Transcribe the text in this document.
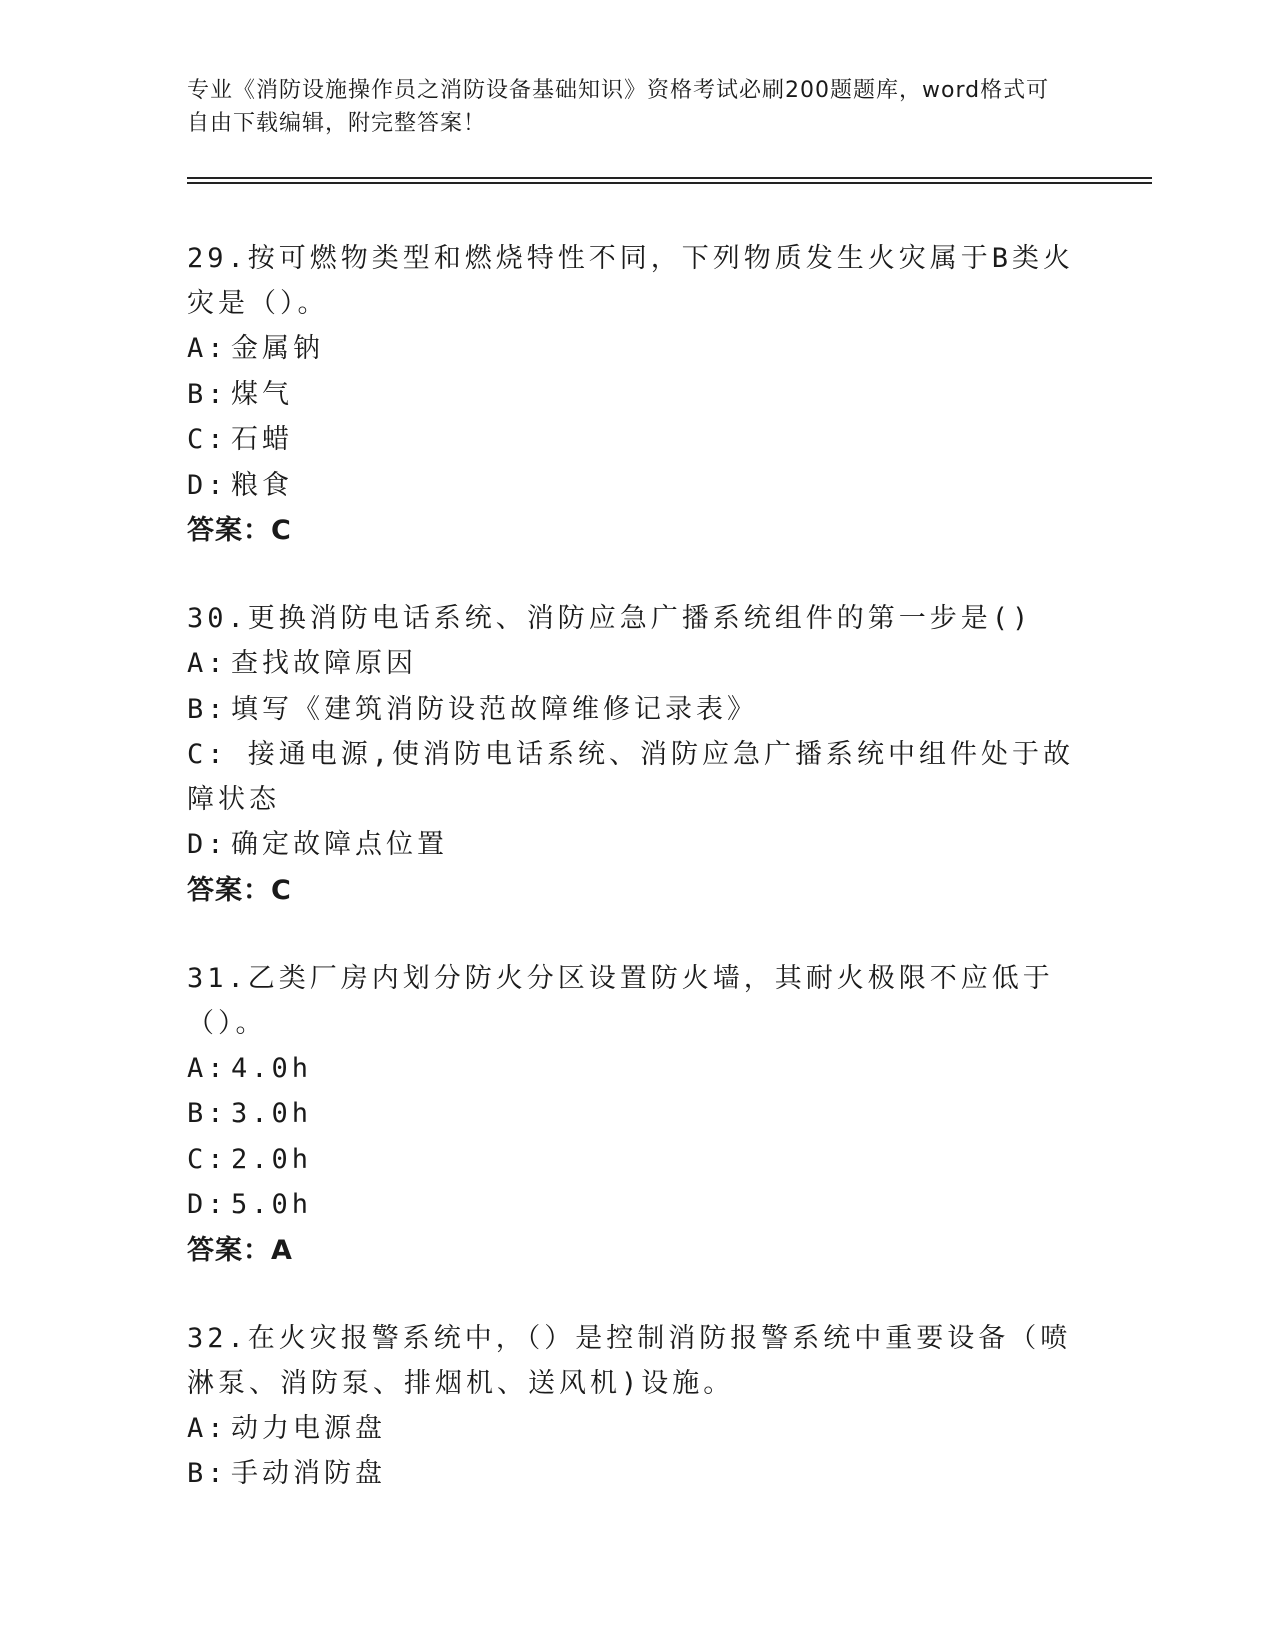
专业《消防设施操作员之消防设备基础知识》资格考试必刷200题题库，word格式可自由下载编辑，附完整答案！
29.按可燃物类型和燃烧特性不同，下列物质发生火灾属于B类火灾是（）。
A: 金属钠
B: 煤气
C: 石蜡
D: 粮食
答案：C
30.更换消防电话系统、消防应急广播系统组件的第一步是()
A: 查找故障原因
B: 填写《建筑消防设范故障维修记录表》
C: 接通电源,使消防电话系统、消防应急广播系统中组件处于故障状态
D: 确定故障点位置
答案：C
31.乙类厂房内划分防火分区设置防火墙，其耐火极限不应低于（）。
A: 4.0h
B: 3.0h
C: 2.0h
D: 5.0h
答案：A
32.在火灾报警系统中，（）是控制消防报警系统中重要设备（喷淋泵、消防泵、排烟机、送风机)设施。
A: 动力电源盘
B: 手动消防盘
